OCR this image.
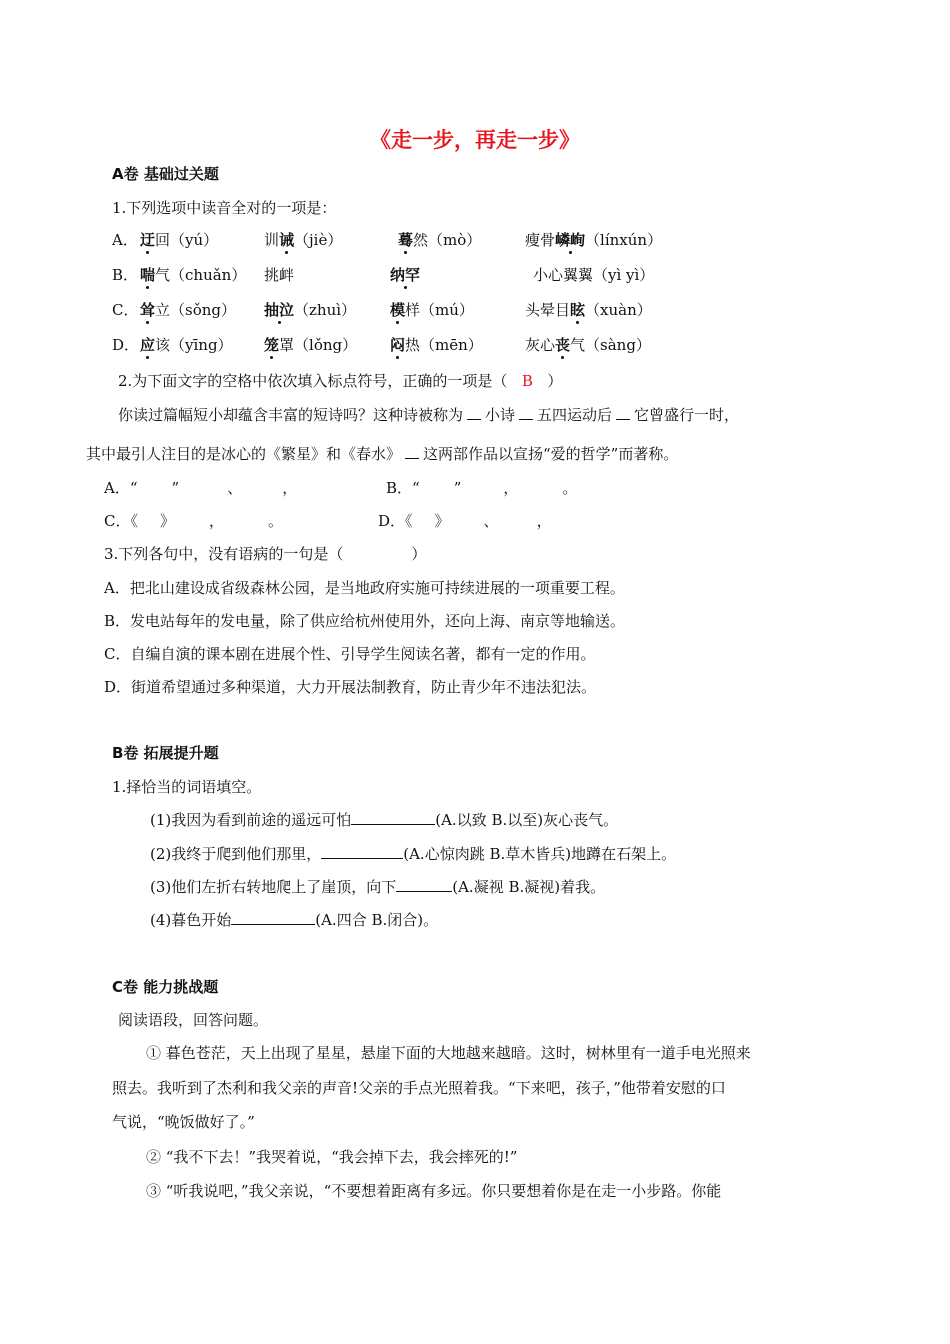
《走一步，再走一步》
A卷 基础过关题
1.下列选项中读音全对的一项是：
A． 迂回（yú）	训诫（jiè）	蓦然（mò）	瘦骨嶙峋（línxún）
B． 喘气（chuǎn） 挑衅	纳罕	小心翼翼（yì yì）
C． 耸立（sǒng） 抽泣（zhuì） 模样（mú）	头晕目眩（xuàn）
D． 应该（yīng） 笼罩（lǒng） 闷热（mēn）	灰心丧气（sàng）
2.为下面文字的空格中依次填入标点符号，正确的一项是（ B ）
你读过篇幅短小却蕴含丰富的短诗吗？这种诗被称为 小诗 五四运动后 它曾盛行一时，
其中最引人注目的是冰心的《繁星》和《春水》 这两部作品以宣扬“爱的哲学”而著称。
A．“ ”	、	，	B．“ ”	，	。
C．《 》 ，	。	D．《 》 、	，
3.下列各句中，没有语病的一句是（	）
A．把北山建设成省级森林公园，是当地政府实施可持续进展的一项重要工程。
B．发电站每年的发电量，除了供应给杭州使用外，还向上海、南京等地输送。
C．自编自演的课本剧在进展个性、引导学生阅读名著，都有一定的作用。
D．街道希望通过多种渠道，大力开展法制教育，防止青少年不违法犯法。
B卷 拓展提升题
1.择恰当的词语填空。
(1)我因为看到前途的遥远可怕	(A.以致 B.以至)灰心丧气。
(2)我终于爬到他们那里，	(A.心惊肉跳 B.草木皆兵)地蹲在石架上。
(3)他们左折右转地爬上了崖顶，向下	(A.凝视 B.凝视)着我。
(4)暮色开始	(A.四合 B.闭合)。
C卷 能力挑战题
阅读语段，回答问题。
① 暮色苍茫，天上出现了星星，悬崖下面的大地越来越暗。这时，树林里有一道手电光照来
照去。我听到了杰利和我父亲的声音!父亲的手点光照着我。“下来吧，孩子，”他带着安慰的口
气说，“晚饭做好了。”
② “我不下去！”我哭着说，“我会掉下去，我会摔死的!”
③ “听我说吧，”我父亲说，“不要想着距离有多远。你只要想着你是在走一小步路。你能
